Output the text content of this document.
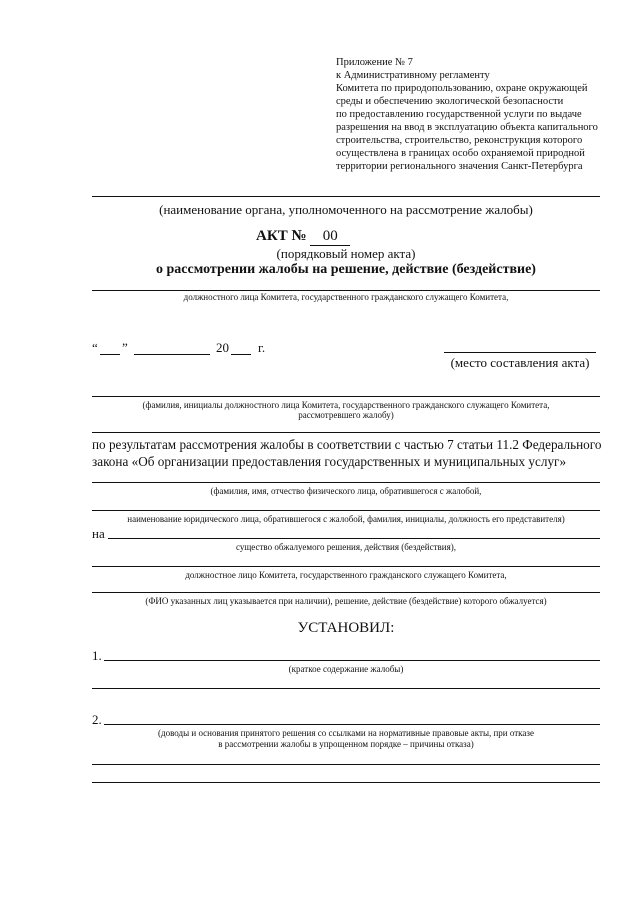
Приложение № 7
к Административному регламенту
Комитета по природопользованию, охране окружающей
среды и обеспечению экологической безопасности
по предоставлению государственной услуги по выдаче
разрешения на ввод в эксплуатацию объекта капитального
строительства, строительство, реконструкция которого
осуществлена в границах особо охраняемой природной
территории регионального значения Санкт-Петербурга
(наименование органа, уполномоченного на рассмотрение жалобы)
АКТ № 00
(порядковый номер акта)
о рассмотрении жалобы на решение, действие (бездействие)
должностного лица Комитета, государственного гражданского служащего Комитета,
“ ”	20 г.
(место составления акта)
(фамилия, инициалы должностного лица Комитета, государственного гражданского служащего Комитета,
рассмотревшего жалобу)
по результатам рассмотрения жалобы в соответствии с частью 7 статьи 11.2 Федерального
закона «Об организации предоставления государственных и муниципальных услуг»
(фамилия, имя, отчество физического лица, обратившегося с жалобой,
наименование юридического лица, обратившегося с жалобой, фамилия, инициалы, должность его представителя)
на
существо обжалуемого решения, действия (бездействия),
должностное лицо Комитета, государственного гражданского служащего Комитета,
(ФИО указанных лиц указывается при наличии), решение, действие (бездействие) которого обжалуется)
УСТАНОВИЛ:
1.
(краткое содержание жалобы)
2.
(доводы и основания принятого решения со ссылками на нормативные правовые акты, при отказе
в рассмотрении жалобы в упрощенном порядке – причины отказа)
